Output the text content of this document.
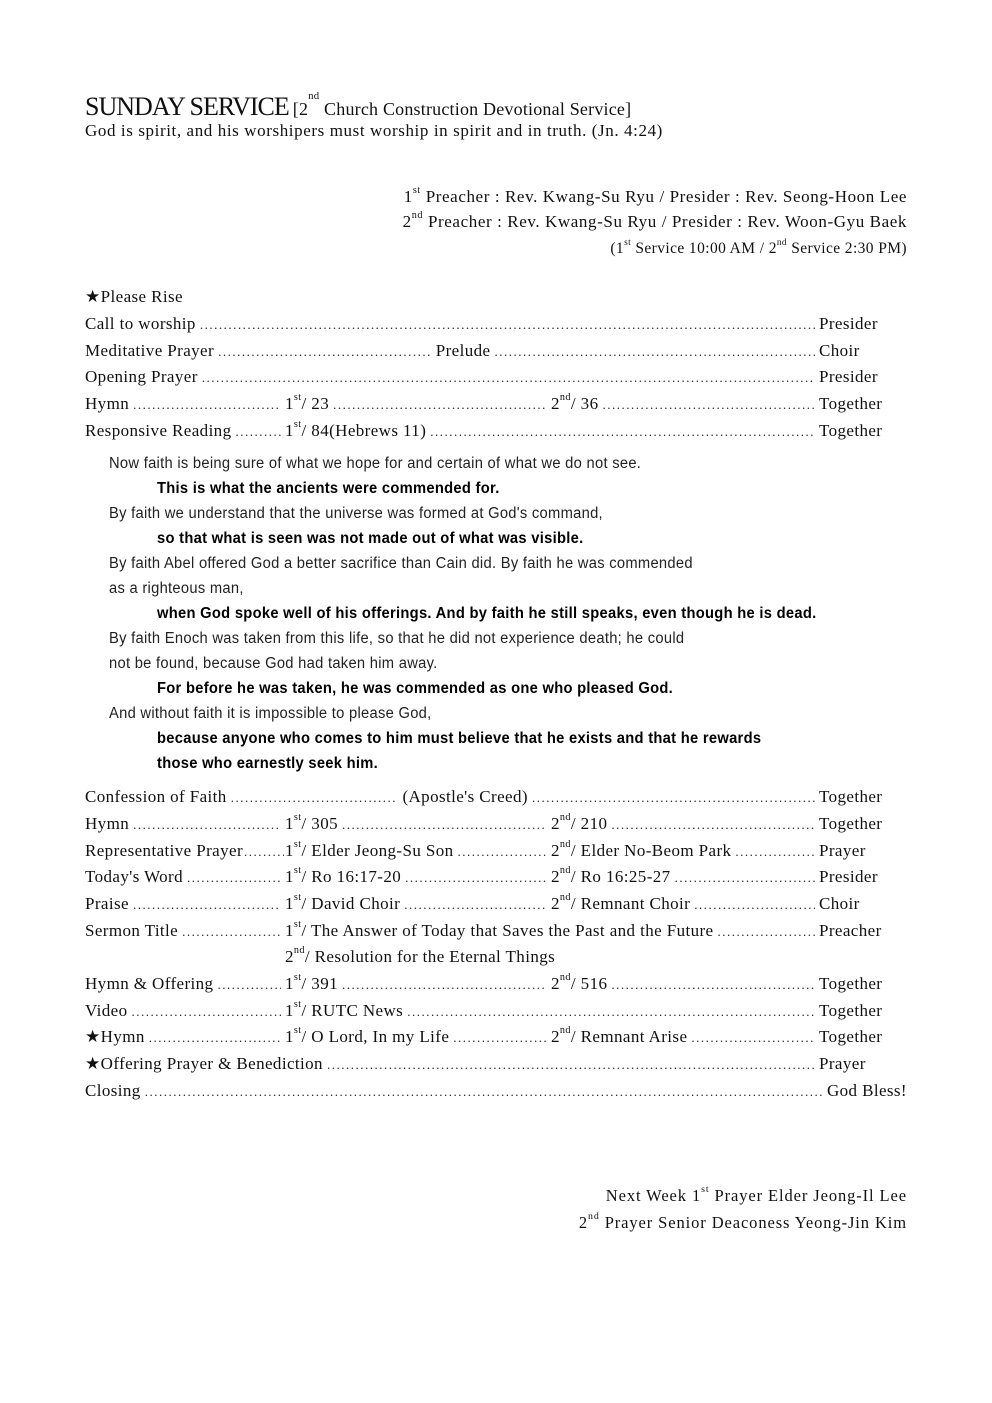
SUNDAY SERVICE [2nd Church Construction Devotional Service]
God is spirit, and his worshipers must worship in spirit and in truth. (Jn. 4:24)
1st Preacher : Rev. Kwang-Su Ryu / Presider : Rev. Seong-Hoon Lee
2nd Preacher : Rev. Kwang-Su Ryu / Presider : Rev. Woon-Gyu Baek
(1st Service 10:00 AM / 2nd Service 2:30 PM)
★Please Rise
Call to worship .....	Presider
Meditative Prayer .....	Prelude .....	Choir
Opening Prayer .....	Presider
Hymn .....	1st/ 23 .....	2nd/ 36 .....	Together
Responsive Reading .....	1st/ 84(Hebrews 11) .....	Together
Now faith is being sure of what we hope for and certain of what we do not see.
This is what the ancients were commended for.
By faith we understand that the universe was formed at God's command,
so that what is seen was not made out of what was visible.
By faith Abel offered God a better sacrifice than Cain did. By faith he was commended
as a righteous man,
when God spoke well of his offerings. And by faith he still speaks, even though he is dead.
By faith Enoch was taken from this life, so that he did not experience death; he could
not be found, because God had taken him away.
For before he was taken, he was commended as one who pleased God.
And without faith it is impossible to please God,
because anyone who comes to him must believe that he exists and that he rewards
those who earnestly seek him.
Confession of Faith .....	(Apostle's Creed) .....	Together
Hymn .....	1st/ 305 .....	2nd/ 210 .....	Together
Representative Prayer ..... 1st/ Elder Jeong-Su Son .....	2nd/ Elder No-Beom Park .....	Prayer
Today's Word .....	1st/ Ro 16:17-20 .....	2nd/ Ro 16:25-27 .....	Presider
Praise .....	1st/ David Choir .....	2nd/ Remnant Choir .....	Choir
Sermon Title .....	1st/ The Answer of Today that Saves the Past and the Future .....	Preacher
2nd/ Resolution for the Eternal Things
Hymn & Offering .....	1st/ 391 .....	2nd/ 516 .....	Together
Video .....	1st/ RUTC News .....	Together
★Hymn .....	1st/ O Lord, In my Life .....	2nd/ Remnant Arise .....	Together
★Offering Prayer & Benediction .....	Prayer
Closing .....	God Bless!
Next Week 1st Prayer Elder Jeong-Il Lee
2nd Prayer Senior Deaconess Yeong-Jin Kim
